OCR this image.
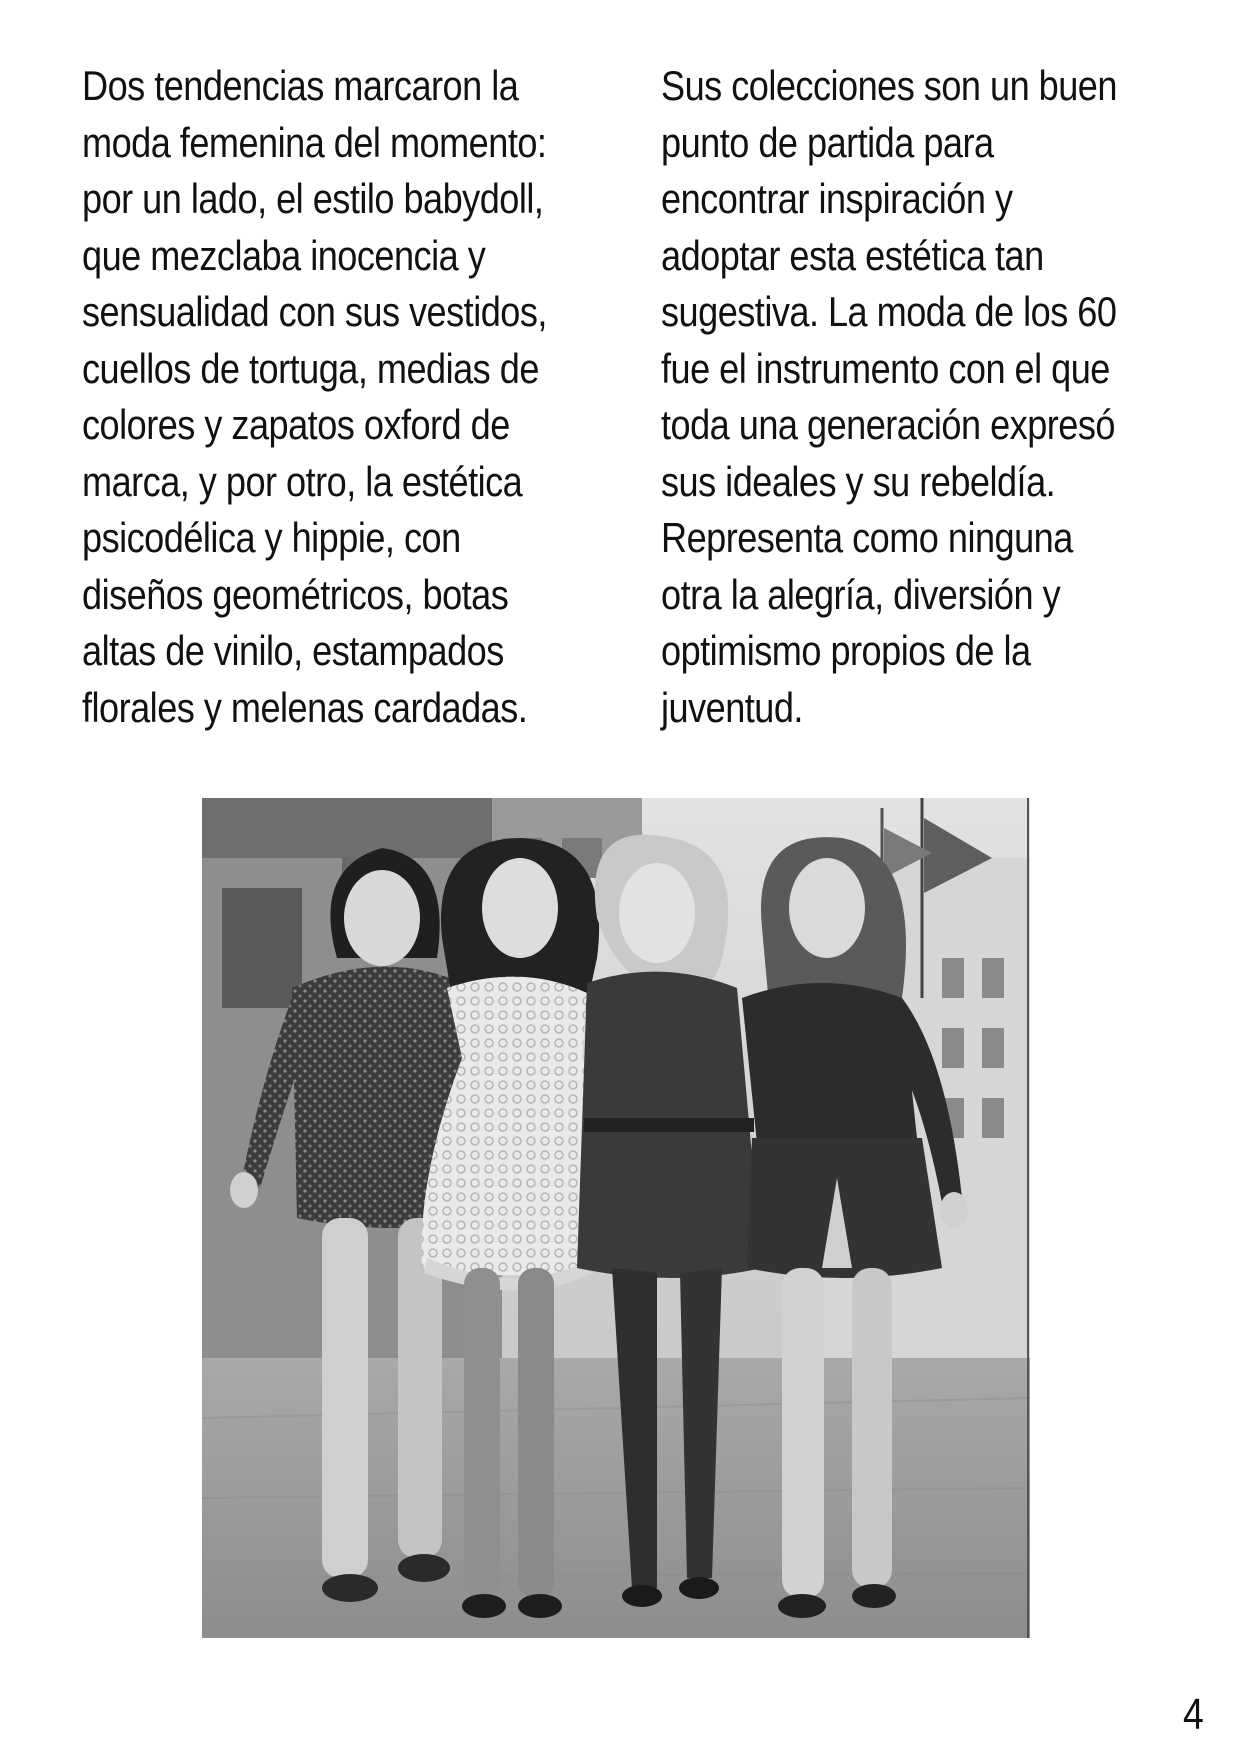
Dos tendencias marcaron la
moda femenina del momento:
por un lado, el estilo babydoll,
que mezclaba inocencia y
sensualidad con sus vestidos,
cuellos de tortuga, medias de
colores y zapatos oxford de
marca, y por otro, la estética
psicodélica y hippie, con
diseños geométricos, botas
altas de vinilo, estampados
florales y melenas cardadas.
Sus colecciones son un buen
punto de partida para
encontrar inspiración y
adoptar esta estética tan
sugestiva. La moda de los 60
fue el instrumento con el que
toda una generación expresó
sus ideales y su rebeldía.
Representa como ninguna
otra la alegría, diversión y
optimismo propios de la
juventud.
4
